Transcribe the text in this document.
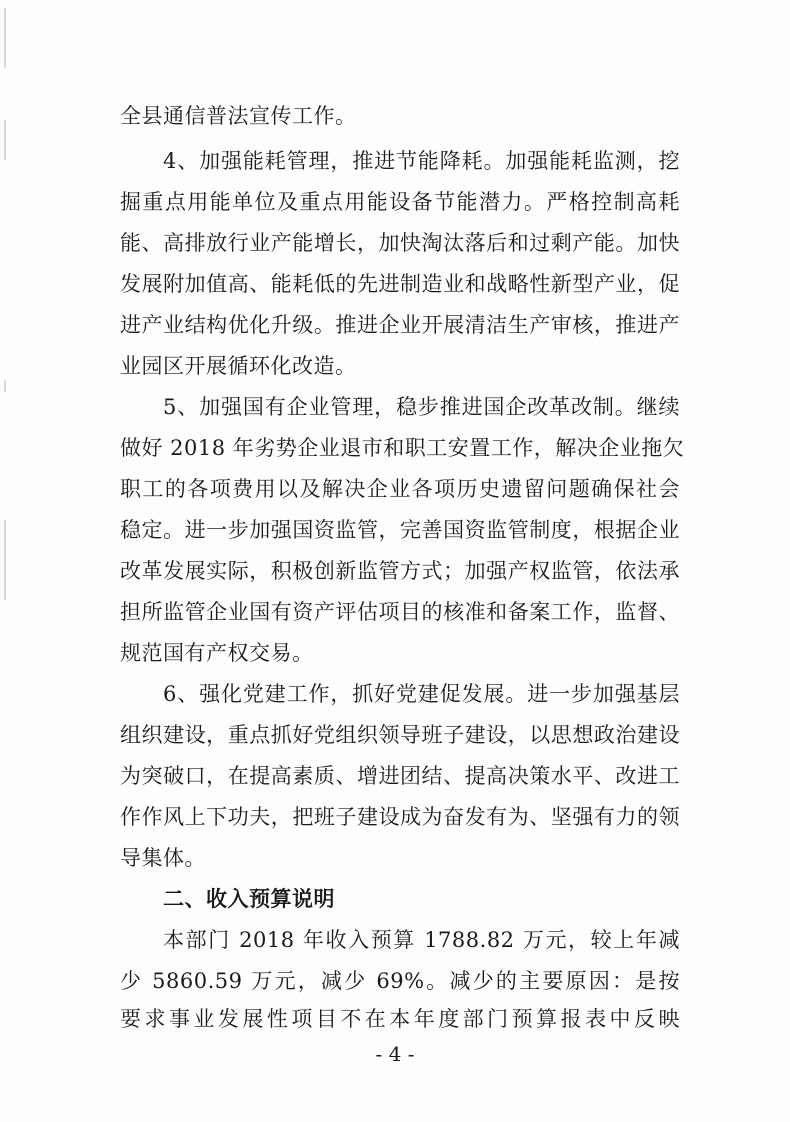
全县通信普法宣传工作。
4、加强能耗管理，推进节能降耗。加强能耗监测，挖
掘重点用能单位及重点用能设备节能潜力。严格控制高耗
能、高排放行业产能增长，加快淘汰落后和过剩产能。加快
发展附加值高、能耗低的先进制造业和战略性新型产业，促
进产业结构优化升级。推进企业开展清洁生产审核，推进产
业园区开展循环化改造。
5、加强国有企业管理，稳步推进国企改革改制。继续
做好 2018 年劣势企业退市和职工安置工作，解决企业拖欠
职工的各项费用以及解决企业各项历史遗留问题确保社会
稳定。进一步加强国资监管，完善国资监管制度，根据企业
改革发展实际，积极创新监管方式；加强产权监管，依法承
担所监管企业国有资产评估项目的核准和备案工作，监督、
规范国有产权交易。
6、强化党建工作，抓好党建促发展。进一步加强基层
组织建设，重点抓好党组织领导班子建设，以思想政治建设
为突破口，在提高素质、增进团结、提高决策水平、改进工
作作风上下功夫，把班子建设成为奋发有为、坚强有力的领
导集体。
二、收入预算说明
本部门 2018 年收入预算 1788.82 万元，较上年减
少 5860.59 万元，减少 69%。减少的主要原因：是按
要求事业发展性项目不在本年度部门预算报表中反映
- 4 -
